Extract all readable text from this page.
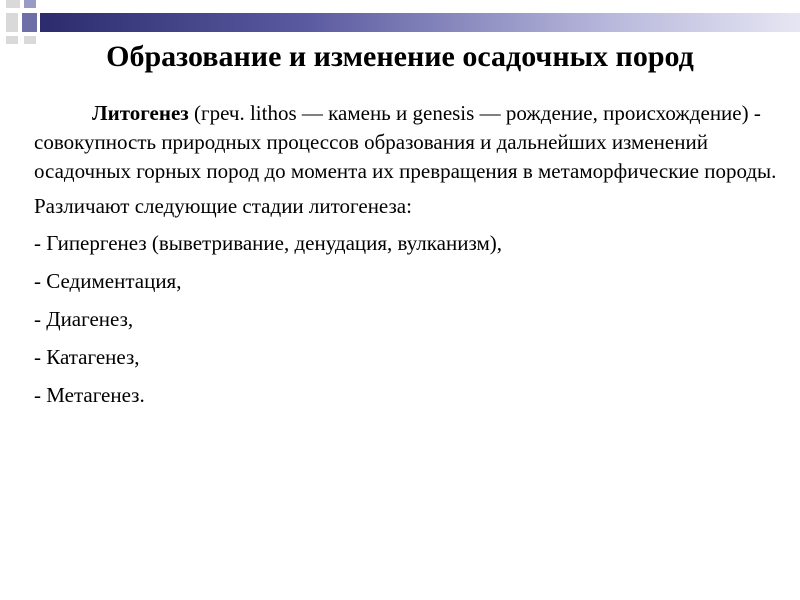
Образование и изменение осадочных пород

Литогенез (греч. lithos — камень и genesis — рождение, происхождение) - совокупность природных процессов образования и дальнейших изменений осадочных горных пород до момента их превращения в метаморфические породы.

Различают следующие стадии литогенеза:

- Гипергенез (выветривание, денудация, вулканизм),

- Седиментация,

- Диагенез,

- Катагенез,

- Метагенез.
